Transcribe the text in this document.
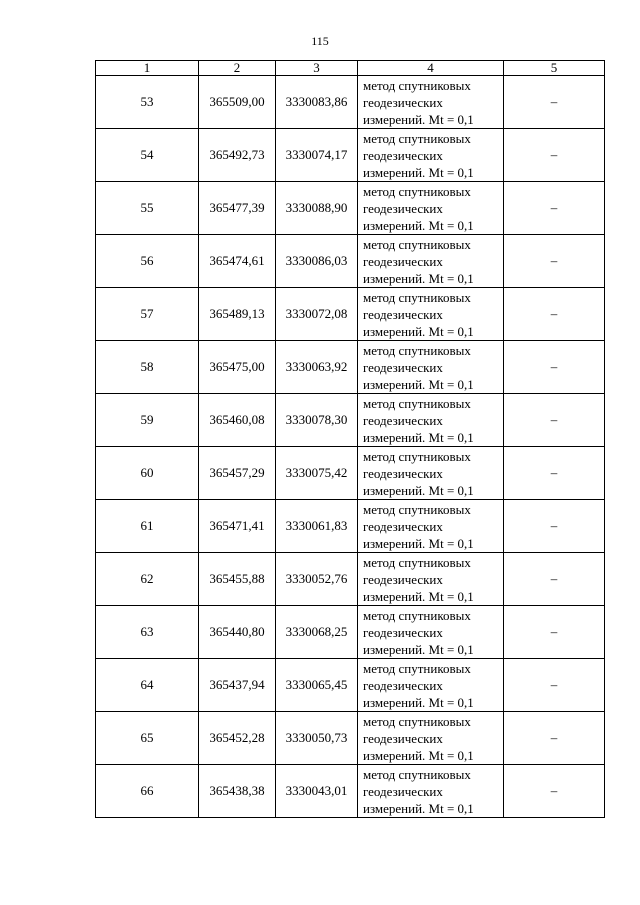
115
1	2	3	4	5
53	365509,00	3330083,86	метод спутниковых
геодезических
измерений. Mt = 0,1	–
54	365492,73	3330074,17	метод спутниковых
геодезических
измерений. Mt = 0,1	–
55	365477,39	3330088,90	метод спутниковых
геодезических
измерений. Mt = 0,1	–
56	365474,61	3330086,03	метод спутниковых
геодезических
измерений. Mt = 0,1	–
57	365489,13	3330072,08	метод спутниковых
геодезических
измерений. Mt = 0,1	–
58	365475,00	3330063,92	метод спутниковых
геодезических
измерений. Mt = 0,1	–
59	365460,08	3330078,30	метод спутниковых
геодезических
измерений. Mt = 0,1	–
60	365457,29	3330075,42	метод спутниковых
геодезических
измерений. Mt = 0,1	–
61	365471,41	3330061,83	метод спутниковых
геодезических
измерений. Mt = 0,1	–
62	365455,88	3330052,76	метод спутниковых
геодезических
измерений. Mt = 0,1	–
63	365440,80	3330068,25	метод спутниковых
геодезических
измерений. Mt = 0,1	–
64	365437,94	3330065,45	метод спутниковых
геодезических
измерений. Mt = 0,1	–
65	365452,28	3330050,73	метод спутниковых
геодезических
измерений. Mt = 0,1	–
66	365438,38	3330043,01	метод спутниковых
геодезических
измерений. Mt = 0,1	–
